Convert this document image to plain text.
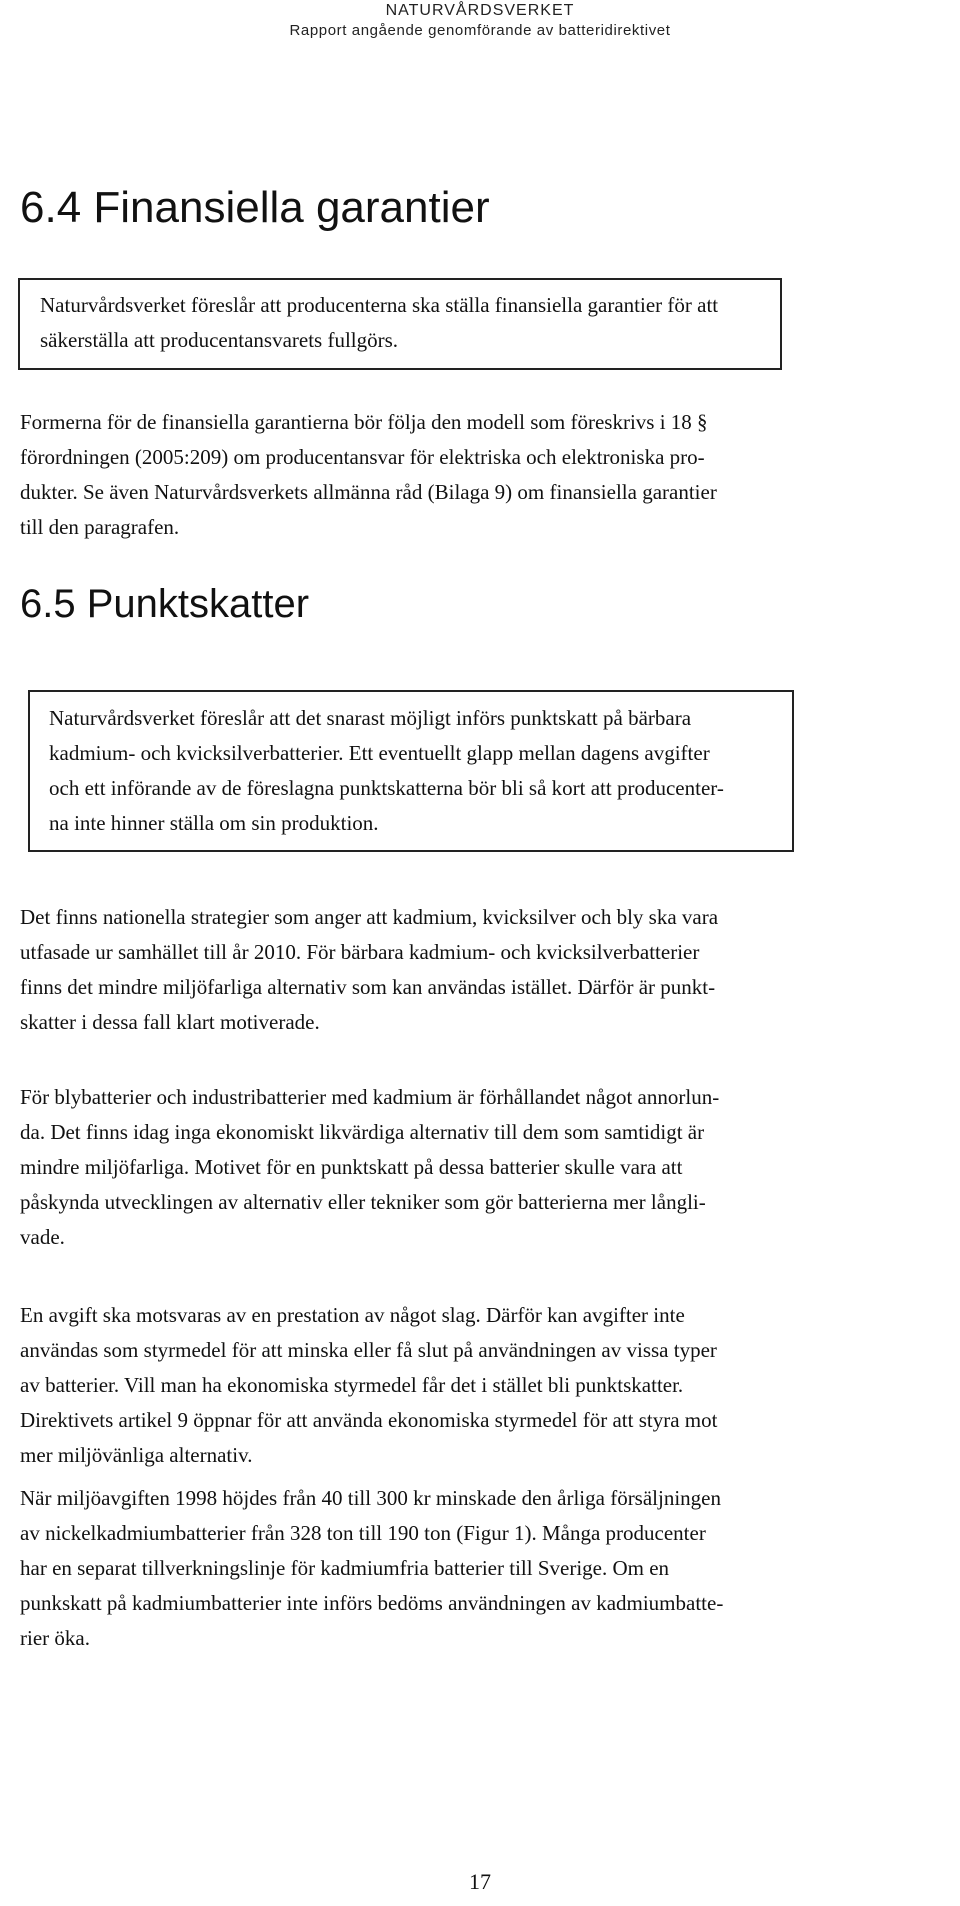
NATURVÅRDSVERKET
Rapport angående genomförande av batteridirektivet
6.4 Finansiella garantier

Naturvårdsverket föreslår att producenterna ska ställa finansiella garantier för att

säkerställa att producentansvarets fullgörs.

Formerna för de finansiella garantierna bör följa den modell som föreskrivs i 18 §

förordningen (2005:209) om producentansvar för elektriska och elektroniska pro-

dukter. Se även Naturvårdsverkets allmänna råd (Bilaga 9) om finansiella garantier

till den paragrafen.

6.5 Punktskatter

Naturvårdsverket föreslår att det snarast möjligt införs punktskatt på bärbara

kadmium- och kvicksilverbatterier. Ett eventuellt glapp mellan dagens avgifter

och ett införande av de föreslagna punktskatterna bör bli så kort att producenter-

na inte hinner ställa om sin produktion.

Det finns nationella strategier som anger att kadmium, kvicksilver och bly ska vara

utfasade ur samhället till år 2010. För bärbara kadmium- och kvicksilverbatterier

finns det mindre miljöfarliga alternativ som kan användas istället. Därför är punkt-

skatter i dessa fall klart motiverade.

För blybatterier och industribatterier med kadmium är förhållandet något annorlun-

da. Det finns idag inga ekonomiskt likvärdiga alternativ till dem som samtidigt är

mindre miljöfarliga. Motivet för en punktskatt på dessa batterier skulle vara att

påskynda utvecklingen av alternativ eller tekniker som gör batterierna mer långli-

vade.

En avgift ska motsvaras av en prestation av något slag. Därför kan avgifter inte

användas som styrmedel för att minska eller få slut på användningen av vissa typer

av batterier. Vill man ha ekonomiska styrmedel får det i stället bli punktskatter.

Direktivets artikel 9 öppnar för att använda ekonomiska styrmedel för att styra mot

mer miljövänliga alternativ.

När miljöavgiften 1998 höjdes från 40 till 300 kr minskade den årliga försäljningen

av nickelkadmiumbatterier från 328 ton till 190 ton (Figur 1). Många producenter

har en separat tillverkningslinje för kadmiumfria batterier till Sverige. Om en

punkskatt på kadmiumbatterier inte införs bedöms användningen av kadmiumbatte-

rier öka.

17
